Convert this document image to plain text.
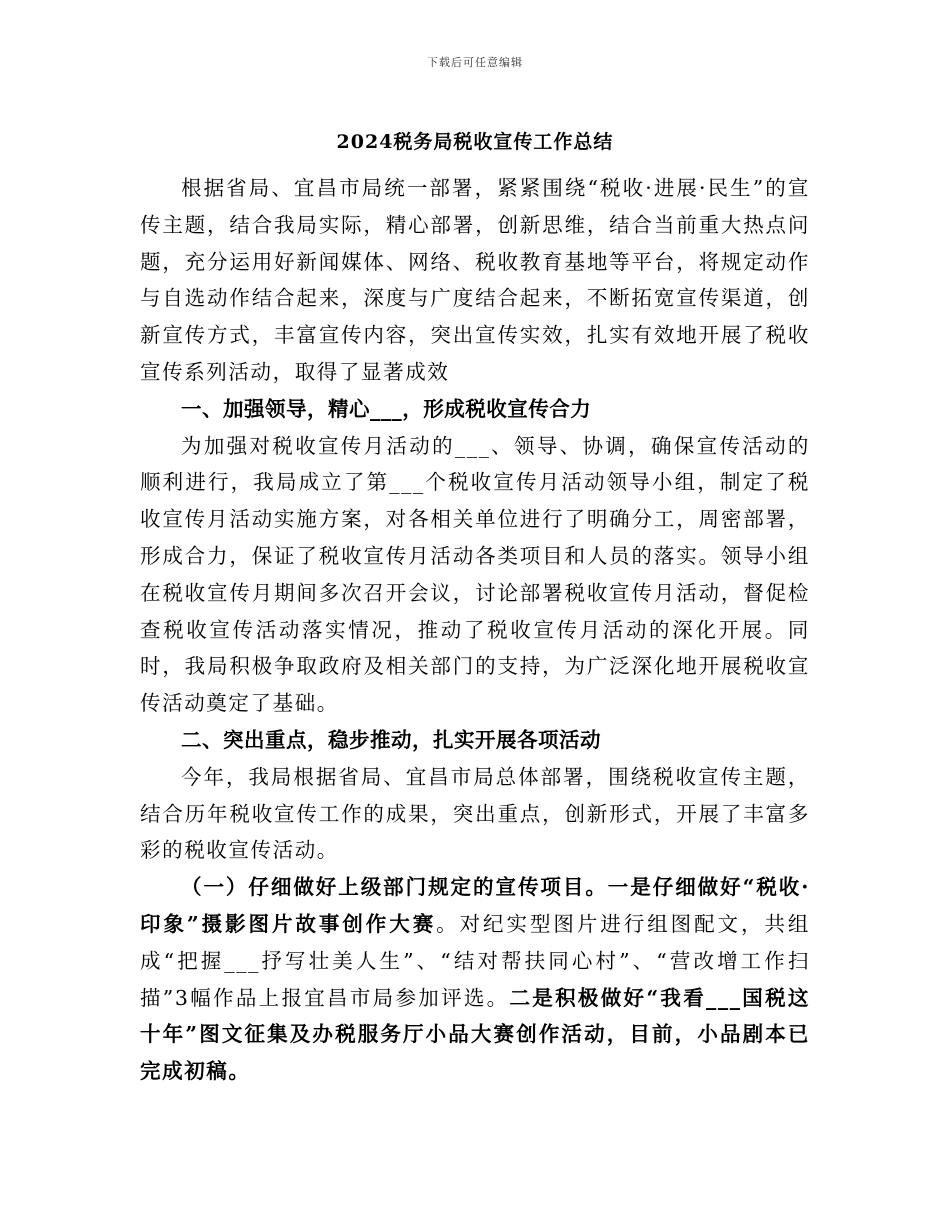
下载后可任意编辑
2024税务局税收宣传工作总结

根据省局、宜昌市局统一部署，紧紧围绕“税收·进展·民生”的宣传主题，结合我局实际，精心部署，创新思维，结合当前重大热点问题，充分运用好新闻媒体、网络、税收教育基地等平台，将规定动作与自选动作结合起来，深度与广度结合起来，不断拓宽宣传渠道，创新宣传方式，丰富宣传内容，突出宣传实效，扎实有效地开展了税收宣传系列活动，取得了显著成效

一、加强领导，精心___，形成税收宣传合力

为加强对税收宣传月活动的___、领导、协调，确保宣传活动的顺利进行，我局成立了第___个税收宣传月活动领导小组，制定了税收宣传月活动实施方案，对各相关单位进行了明确分工，周密部署，形成合力，保证了税收宣传月活动各类项目和人员的落实。领导小组在税收宣传月期间多次召开会议，讨论部署税收宣传月活动，督促检查税收宣传活动落实情况，推动了税收宣传月活动的深化开展。同时，我局积极争取政府及相关部门的支持，为广泛深化地开展税收宣传活动奠定了基础。

二、突出重点，稳步推动，扎实开展各项活动

今年，我局根据省局、宜昌市局总体部署，围绕税收宣传主题，结合历年税收宣传工作的成果，突出重点，创新形式，开展了丰富多彩的税收宣传活动。

（一）仔细做好上级部门规定的宣传项目。一是仔细做好“税收·印象”摄影图片故事创作大赛。对纪实型图片进行组图配文，共组成“把握___抒写壮美人生”、“结对帮扶同心村”、“营改增工作扫描”3幅作品上报宜昌市局参加评选。二是积极做好“我看___国税这十年”图文征集及办税服务厅小品大赛创作活动，目前，小品剧本已完成初稿。
